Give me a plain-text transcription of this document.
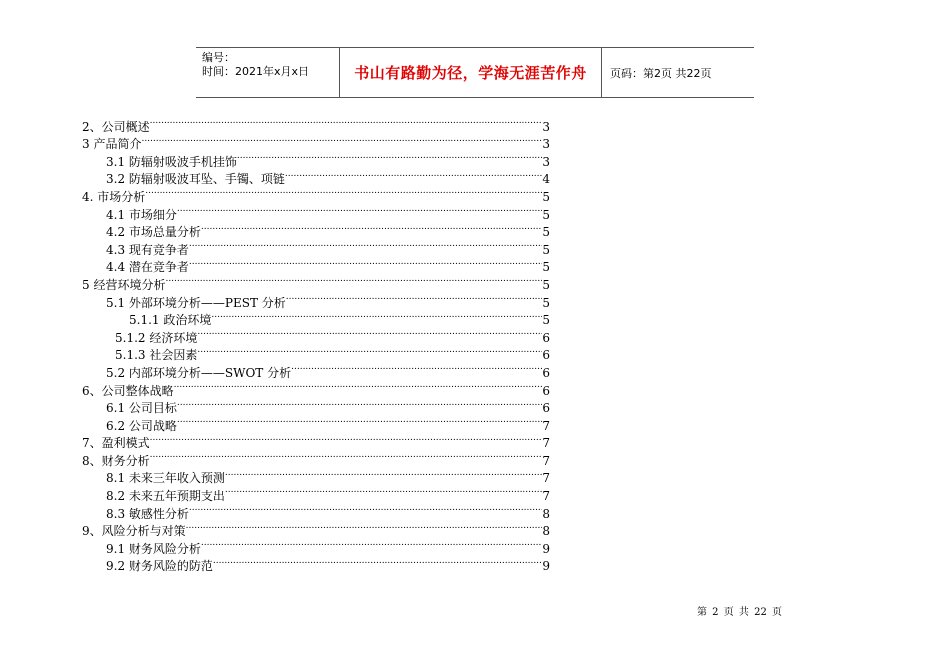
编号：
时间：2021年x月x日	书山有路勤为径，学海无涯苦作舟	页码：第2页 共22页
2、公司概述 .....	3
3 产品简介 .....	3
3.1 防辐射吸波手机挂饰 .....	3
3.2 防辐射吸波耳坠、手镯、项链 .....	4
4. 市场分析 .....	5
4.1 市场细分 .....	5
4.2 市场总量分析 .....	5
4.3 现有竞争者 .....	5
4.4 潜在竞争者 .....	5
5 经营环境分析 .....	5
5.1 外部环境分析——PEST 分析 .....	5
5.1.1 政治环境 .....	5
5.1.2 经济环境 .....	6
5.1.3 社会因素 .....	6
5.2 内部环境分析——SWOT 分析 .....	6
6、公司整体战略 .....	6
6.1 公司目标 .....	6
6.2 公司战略 .....	7
7、盈利模式 .....	7
8、财务分析 .....	7
8.1 未来三年收入预测 .....	7
8.2 未来五年预期支出 .....	7
8.3 敏感性分析 .....	8
9、风险分析与对策 .....	8
9.1 财务风险分析 .....	9
9.2 财务风险的防范 .....	9
第 2 页 共 22 页
